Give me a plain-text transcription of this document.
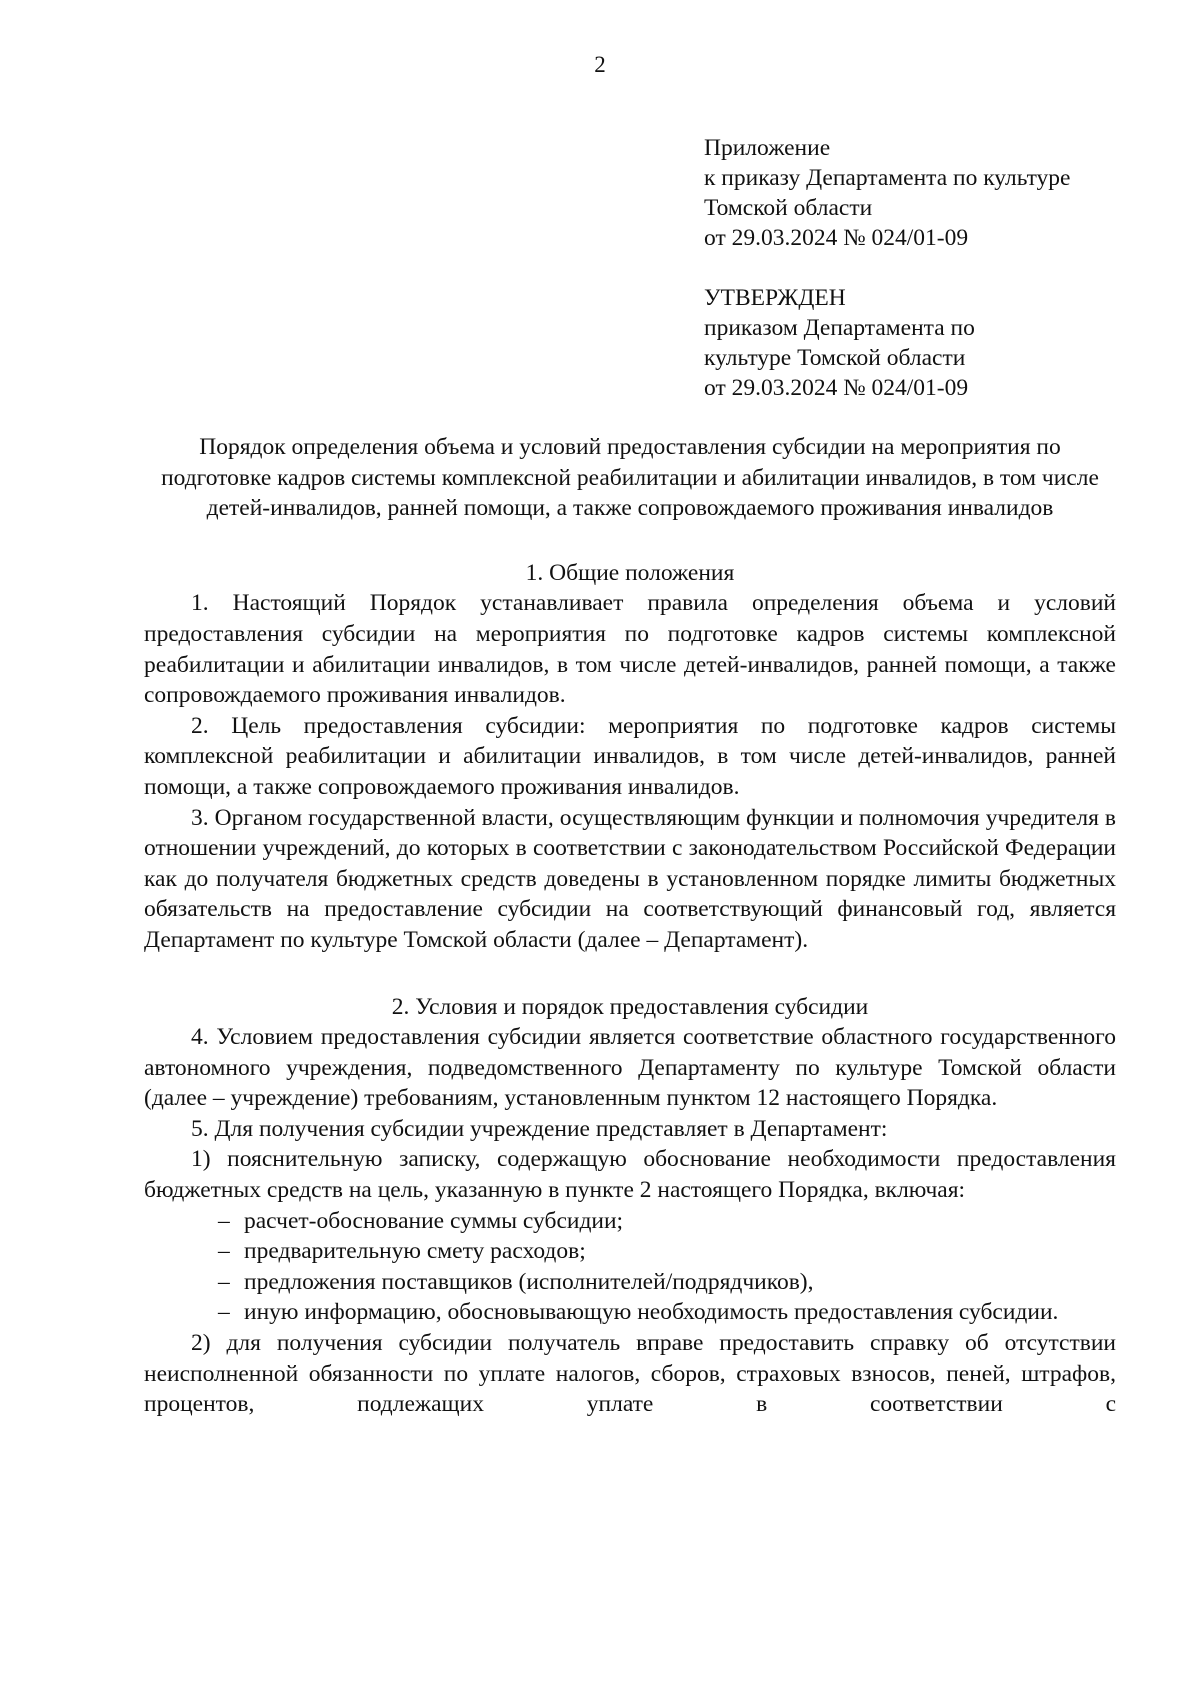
2
Приложение
к приказу Департамента по культуре
Томской области
от 29.03.2024 № 024/01-09
УТВЕРЖДЕН
приказом Департамента по
культуре Томской области
от 29.03.2024 № 024/01-09
Порядок определения объема и условий предоставления субсидии на мероприятия по подготовке кадров системы комплексной реабилитации и абилитации инвалидов, в том числе детей-инвалидов, ранней помощи, а также сопровождаемого проживания инвалидов
1. Общие положения

1. Настоящий Порядок устанавливает правила определения объема и условий предоставления субсидии на мероприятия по подготовке кадров системы комплексной реабилитации и абилитации инвалидов, в том числе детей-инвалидов, ранней помощи, а также сопровождаемого проживания инвалидов.

2. Цель предоставления субсидии: мероприятия по подготовке кадров системы комплексной реабилитации и абилитации инвалидов, в том числе детей-инвалидов, ранней помощи, а также сопровождаемого проживания инвалидов.

3. Органом государственной власти, осуществляющим функции и полномочия учредителя в отношении учреждений, до которых в соответствии с законодательством Российской Федерации как до получателя бюджетных средств доведены в установленном порядке лимиты бюджетных обязательств на предоставление субсидии на соответствующий финансовый год, является Департамент по культуре Томской области (далее – Департамент).

2. Условия и порядок предоставления субсидии

4. Условием предоставления субсидии является соответствие областного государственного автономного учреждения, подведомственного Департаменту по культуре Томской области (далее – учреждение) требованиям, установленным пунктом 12 настоящего Порядка.

5. Для получения субсидии учреждение представляет в Департамент:

1) пояснительную записку, содержащую обоснование необходимости предоставления бюджетных средств на цель, указанную в пункте 2 настоящего Порядка, включая:

– расчет-обоснование суммы субсидии;
– предварительную смету расходов;
– предложения поставщиков (исполнителей/подрядчиков),
– иную информацию, обосновывающую необходимость предоставления субсидии.

2) для получения субсидии получатель вправе предоставить справку об отсутствии неисполненной обязанности по уплате налогов, сборов, страховых взносов, пеней, штрафов, процентов, подлежащих уплате в соответствии с
